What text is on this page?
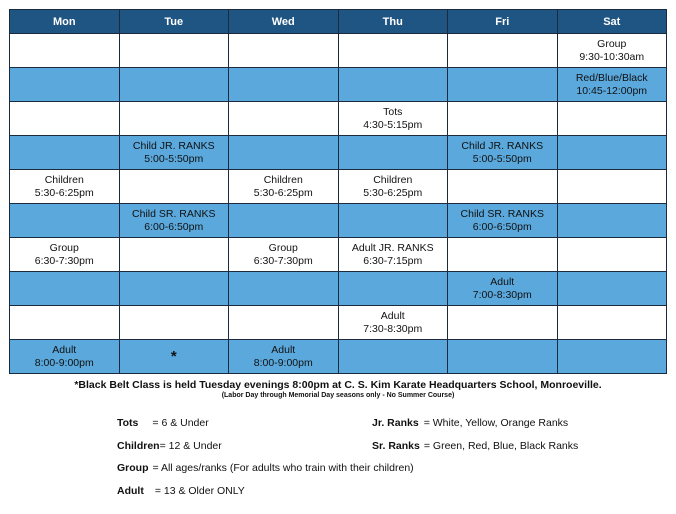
Mon	Tue	Wed	Thu	Fri	Sat

					Group
9:30-10:30am

					Red/Blue/Black
10:45-12:00pm

			Tots
4:30-5:15pm		

	Child JR. RANKS
5:00-5:50pm			Child JR. RANKS
5:00-5:50pm	

Children
5:30-6:25pm		Children
5:30-6:25pm	Children
5:30-6:25pm		

	Child SR. RANKS
6:00-6:50pm			Child SR. RANKS
6:00-6:50pm	

Group
6:30-7:30pm		Group
6:30-7:30pm	Adult JR. RANKS
6:30-7:15pm		

				Adult
7:00-8:30pm	

			Adult
7:30-8:30pm		

Adult
8:00-9:00pm	*	Adult
8:00-9:00pm			

*Black Belt Class is held Tuesday evenings 8:00pm at C. S. Kim Karate Headquarters School, Monroeville.
(Labor Day through Memorial Day seasons only - No Summer Course)
Tots = 6 & Under
Children= 12 & Under
Group = All ages/ranks (For adults who train with their children)
Adult = 13 & Older ONLY
Jr. Ranks = White, Yellow, Orange Ranks
Sr. Ranks = Green, Red, Blue, Black Ranks
